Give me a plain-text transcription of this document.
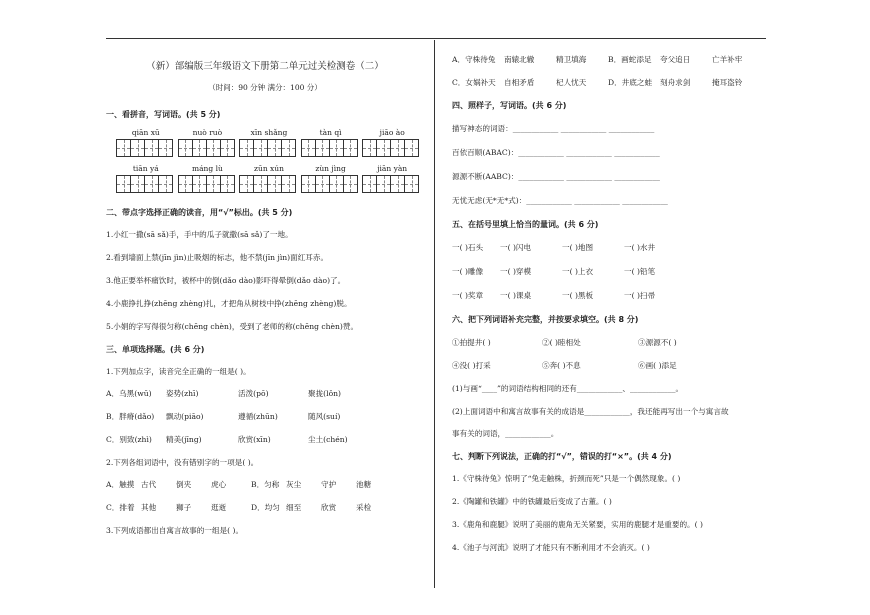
（新）部编版三年级语文下册第二单元过关检测卷（二）
（时间：90 分钟 满分：100 分）
一、看拼音，写词语。(共 5 分)
qiān xū	nuò ruò	xīn shǎng	tàn qì	jiāo ào
tiān yá	máng lù	zūn xún	zùn jìng	jiān yàn
二、带点字选择正确的读音，用“√”标出。(共 5 分)
1.小红一撒(sā sǎ)手，手中的瓜子就撒(sā sǎ)了一地。
2.看到墙面上禁(jīn jìn)止吸烟的标志，他不禁(jīn jìn)面红耳赤。
3.他正要举杯痛饮时，被杯中的倒(dǎo dào)影吓得晕倒(dǎo dào)了。
4.小鹿挣扎挣(zhēng zhèng)扎，才把角从树枝中挣(zhēng zhèng)脱。
5.小娟的字写得很匀称(chēng chèn)，受到了老师的称(chēng chèn)赞。
三、单项选择题。(共 6 分)
1.下列加点字，读音完全正确的一组是( )。
A．乌黑(wū)	姿势(zhī)	活泼(pō)	聚拢(lǒn)
B．胖瘠(dǎo)	飘动(piāo)	遵循(zhūn)	随风(suí)
C．别致(zhì)	精美(jīng)	欣赏(xīn)	尘土(chén)
2.下列各组词语中，没有错别字的一项是( )。
A．触摸 古代	倒夹	虎心	B．匀称 灰尘	守护	池糖
C．排着 其他	狮子	逛逝	D．均匀 细至	欣赏	采检
3.下列成语都出自寓言故事的一组是( )。
A．守株待兔	南辕北辙	精卫填海	B．画蛇添足	夸父追日	亡羊补牢
C．女娲补天	自相矛盾	杞人忧天	D．井底之蛙	刻舟求剑	掩耳盗铃
四、照样子，写词语。(共 6 分)
描写神态的词语：____________ ____________ ____________
百依百顺(ABAC)：____________ ____________ ____________
源源不断(AABC)：____________ ____________ ____________
无忧无虑(无*无*式)：____________ ____________ ____________
五、在括号里填上恰当的量词。(共 6 分)
一( )石头	一( )闪电	一( )地图	一( )水井
一( )雕像	一( )穿模	一( )上衣	一( )铅笔
一( )奖章	一( )课桌	一( )黑板	一( )扫帚
六、把下列词语补充完整，并按要求填空。(共 8 分)
①拍提井( )	②( )睦相处	③源源不( )
④没( )打采	⑤奔( )不息	⑥画( )添足
(1)与画“____”的词语结构相同的还有____________、____________。
(2)上面词语中和寓言故事有关的成语是____________，我还能再写出一个与寓言故
事有关的词语，____________。
七、判断下列说法，正确的打“√”，错误的打“×”。(共 4 分)
1.《守株待兔》惊明了“兔走触株，折颈而死”只是一个偶然现象。( )
2.《陶罐和铁罐》中的铁罐最后变成了古董。( )
3.《鹿角和鹿腿》说明了美丽的鹿角无关紧要，实用的鹿腿才是重要的。( )
4.《池子与河流》说明了才能只有不断利用才不会消灭。( )
